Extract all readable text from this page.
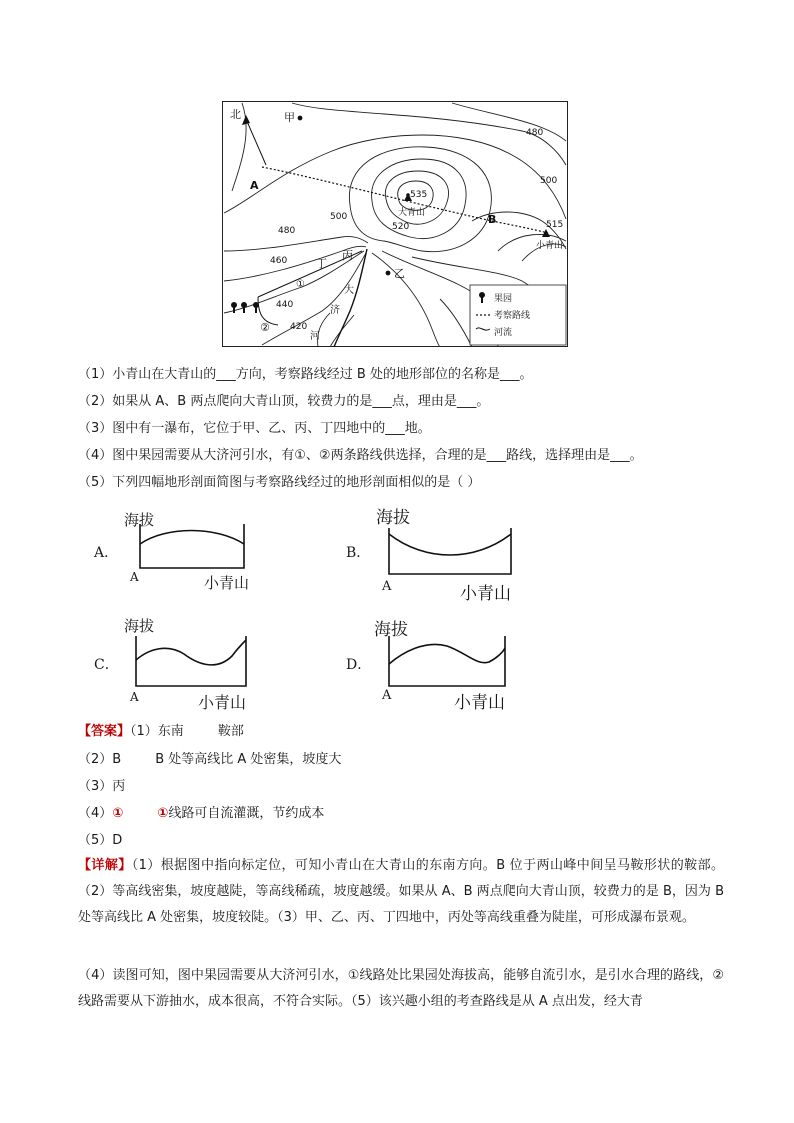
北	甲
A
B
丙
乙
丁
①
②
大
济
河
大青山
小青山
535
520
500
480
460
440
420
480
500
515
果园
考察路线
河流
（1）小青山在大青山的___方向，考察路线经过 B 处的地形部位的名称是___。
（2）如果从 A、B 两点爬向大青山顶，较费力的是___点，理由是___。
（3）图中有一瀑布，它位于甲、乙、丙、丁四地中的___地。
（4）图中果园需要从大济河引水，有①、②两条路线供选择，合理的是___路线，选择理由是___。
（5）下列四幅地形剖面简图与考察路线经过的地形剖面相似的是（ ）
A．
海拔
A	小青山
B．
海拔
A	小青山
C．
海拔
A	小青山
D．
海拔
A	小青山
【答案】（1）东南	鞍部
（2）B	B 处等高线比 A 处密集，坡度大
（3）丙
（4）①	①线路可自流灌溉，节约成本
（5）D
【详解】（1）根据图中指向标定位，可知小青山在大青山的东南方向。B 位于两山峰中间呈马鞍形状的鞍部。（2）等高线密集，坡度越陡，等高线稀疏，坡度越缓。如果从 A、B 两点爬向大青山顶，较费力的是 B，因为 B 处等高线比 A 处密集，坡度较陡。（3）甲、乙、丙、丁四地中，丙处等高线重叠为陡崖，可形成瀑布景观。
（4）读图可知，图中果园需要从大济河引水，①线路处比果园处海拔高，能够自流引水，是引水合理的路线，②线路需要从下游抽水，成本很高，不符合实际。（5）该兴趣小组的考查路线是从 A 点出发，经大青
